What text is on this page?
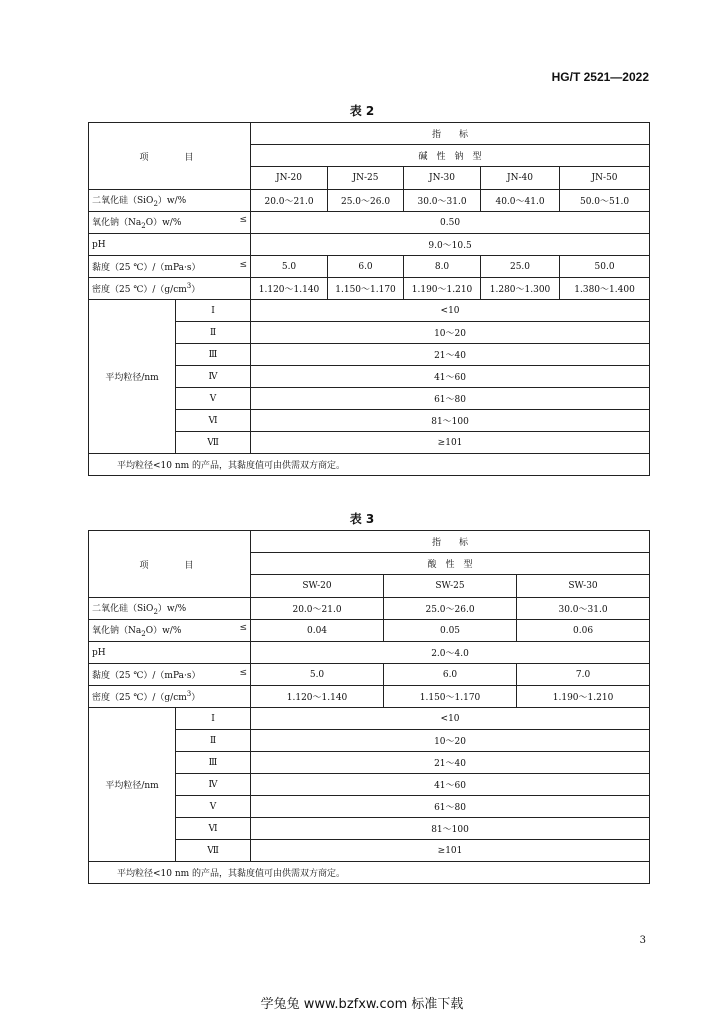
HG/T 2521—2022
表 2
项　　目		指　　标				
		碱　性　钠　型				
		JN-20	JN-25	JN-30	JN-40	JN-50
二氧化硅（SiO$_2$）w/%		20.0～21.0	25.0～26.0	30.0～31.0	40.0～41.0	50.0～51.0
氧化钠$(Na_2O)w/\%$ ≤		0.50				
pH		9.0～10.5				
黏度（25 ℃）/（mPa·s） ≤		5.0	6.0	8.0	25.0	50.0
密度（25 $℃)/(g/cm^3)$		1.120～1.140	1.150～1.170	1.190～1.210	1.280～1.300	1.380～1.400
平均粒径/nm	Ⅰ	<10				
	Ⅱ	10～20				
	Ⅲ	21～40				
	Ⅳ	41～60				
	Ⅴ	61～80				
	Ⅵ	81～100				
	Ⅶ	≥101				
平均粒径<10 nm 的产品，其黏度值可由供需双方商定。						
表 3
项　　目		指　　标		
		酸　性　型		
		SW-20	SW-25	SW-30
二氧化硅（SiO$_2$）w/%		20.0～21.0	25.0～26.0	30.0～31.0
氧化钠$(Na_2O)w/\%$ ≤		0.04	0.05	0.06
pH		2.0～4.0		
黏度（25 ℃）/（mPa·s） ≤		5.0	6.0	7.0
密度（25 $℃)/(g/cm^3)$		1.120～1.140	1.150～1.170	1.190～1.210
平均粒径/nm	Ⅰ	<10		
	Ⅱ	10～20		
	Ⅲ	21～40		
	Ⅳ	41～60		
	Ⅴ	61～80		
	Ⅵ	81～100		
	Ⅶ	≥101		
平均粒径<10 nm 的产品，其黏度值可由供需双方商定。				
3
学兔兔 www.bzfxw.com 标准下载
